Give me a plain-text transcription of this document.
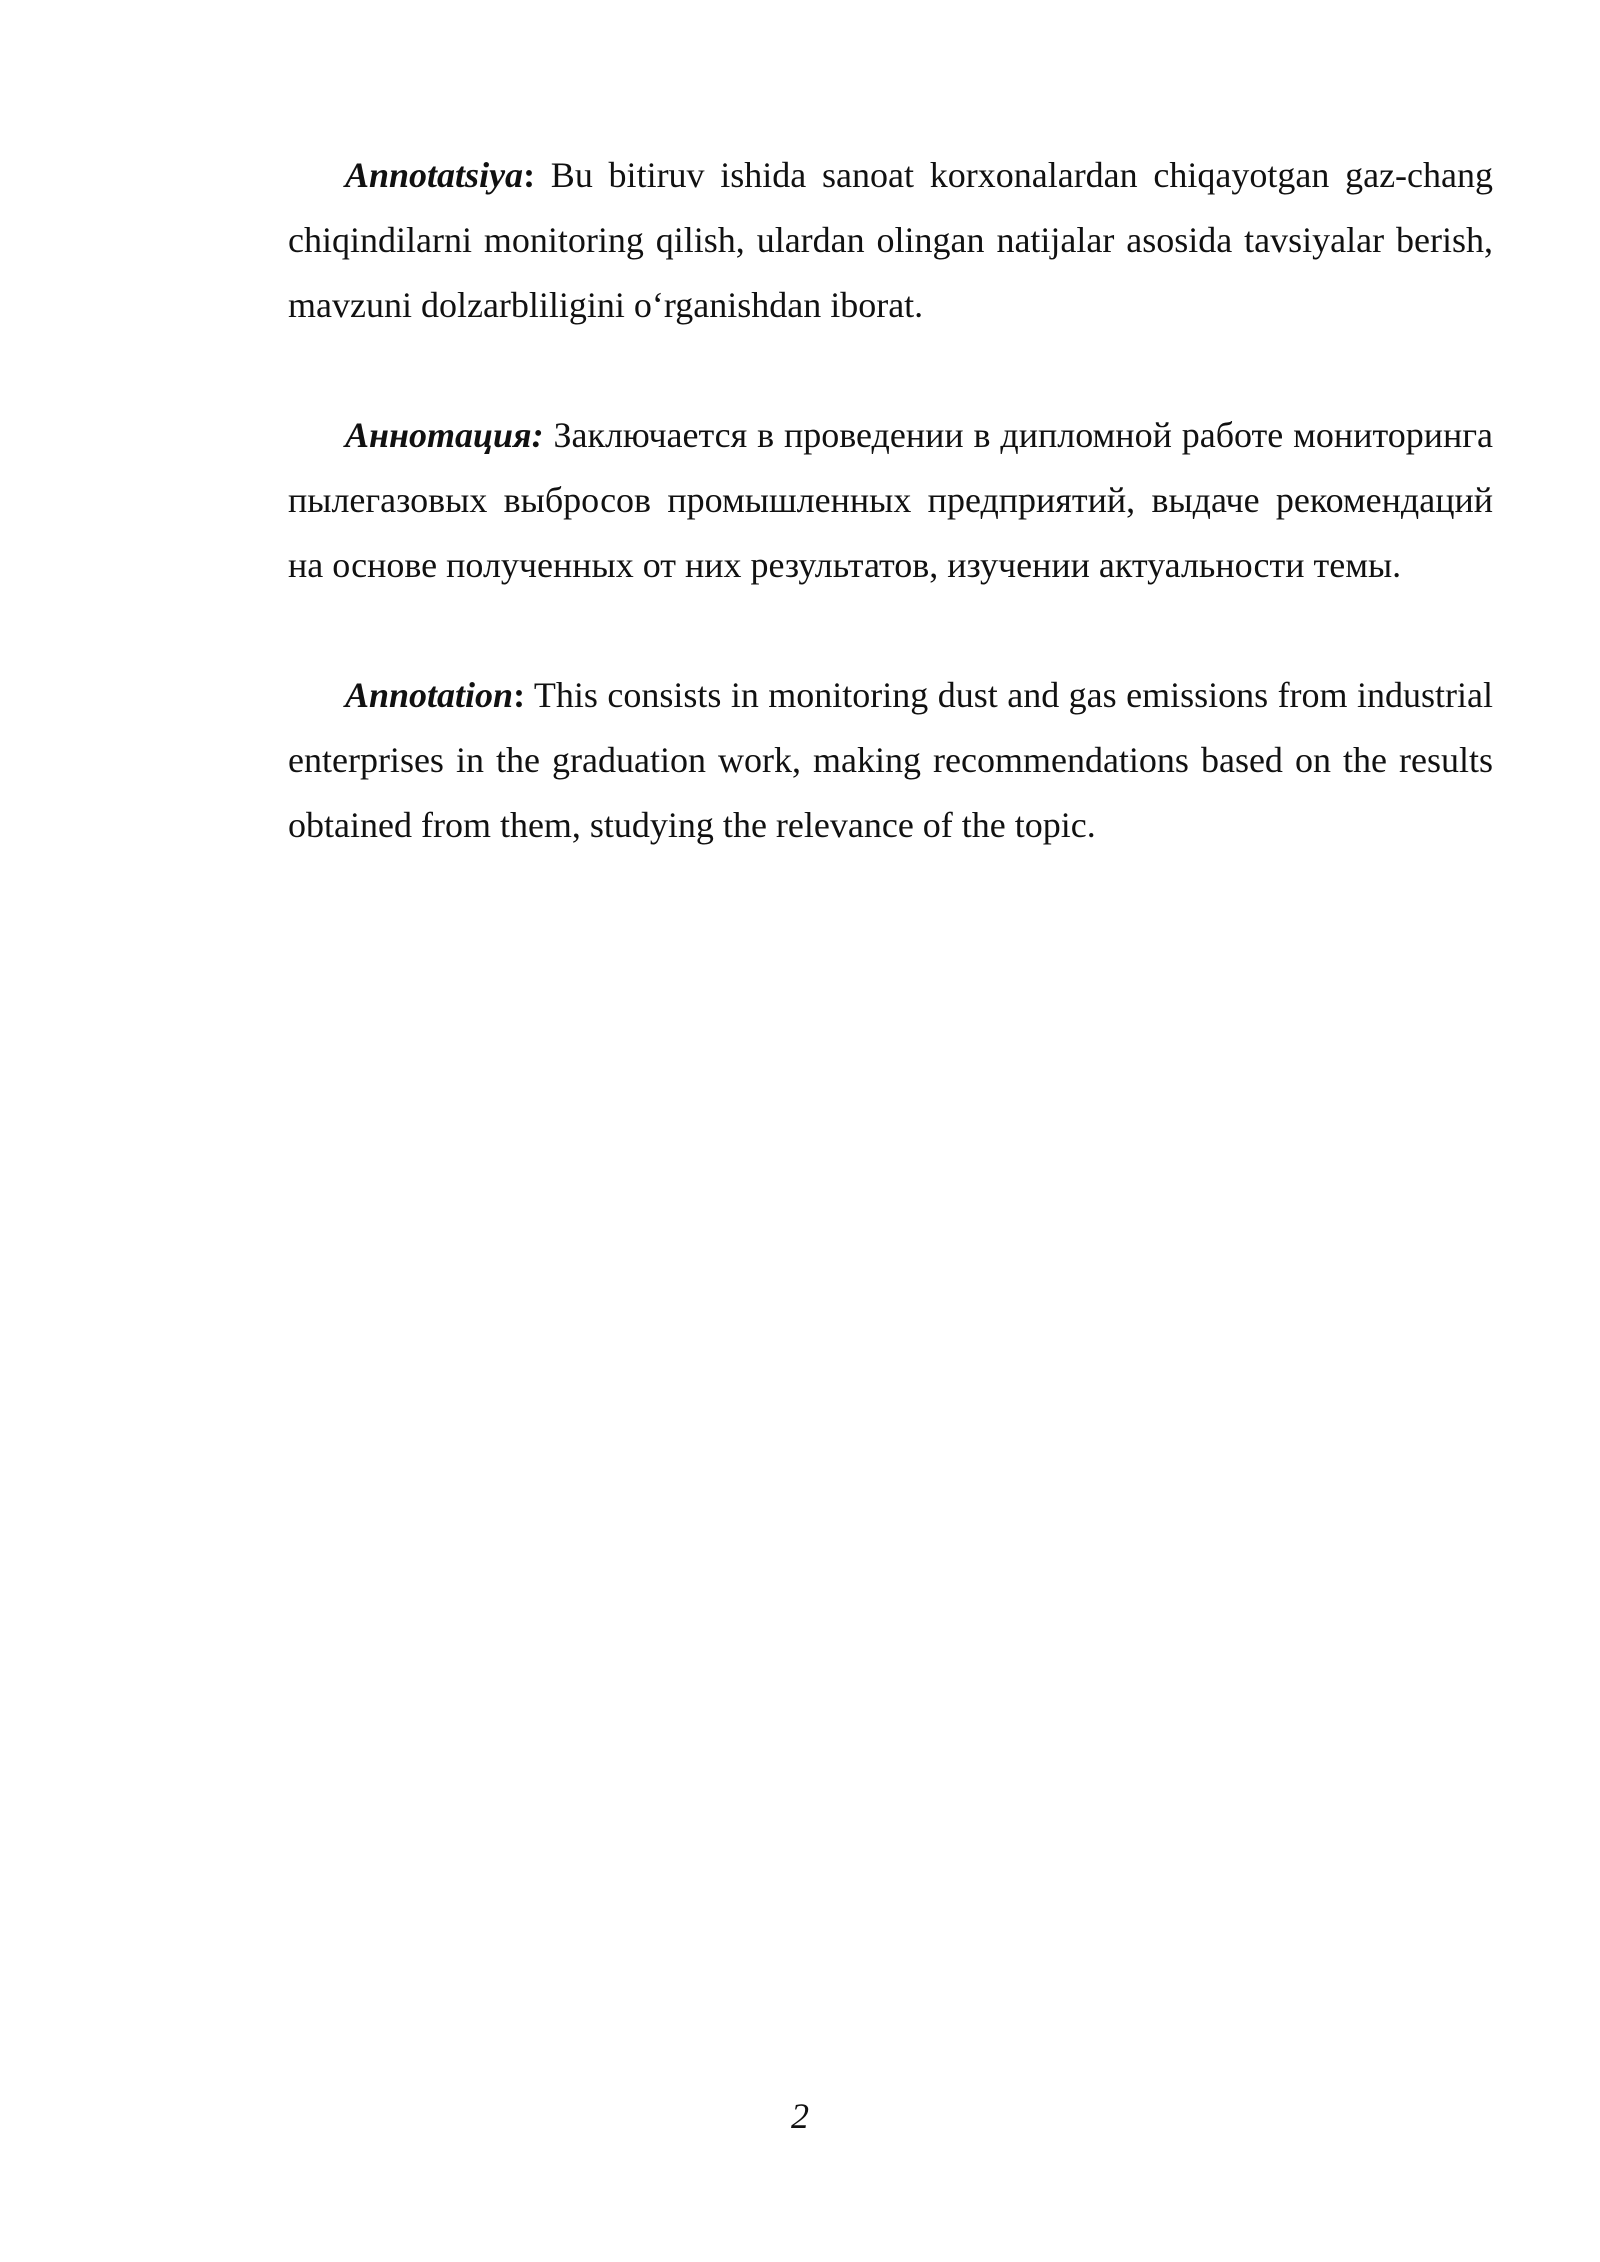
Annotatsiya: Bu bitiruv ishida sanoat korxonalardan chiqayotgan gaz-chang chiqindilarni monitoring qilish, ulardan olingan natijalar asosida tavsiyalar berish, mavzuni dolzarbliligini o‘rganishdan iborat.

Аннотация: Заключается в проведении в дипломной работе мониторинга пылегазовых выбросов промышленных предприятий, выдаче рекомендаций на основе полученных от них результатов, изучении актуальности темы.

Annotation: This consists in monitoring dust and gas emissions from industrial enterprises in the graduation work, making recommendations based on the results obtained from them, studying the relevance of the topic.

2
